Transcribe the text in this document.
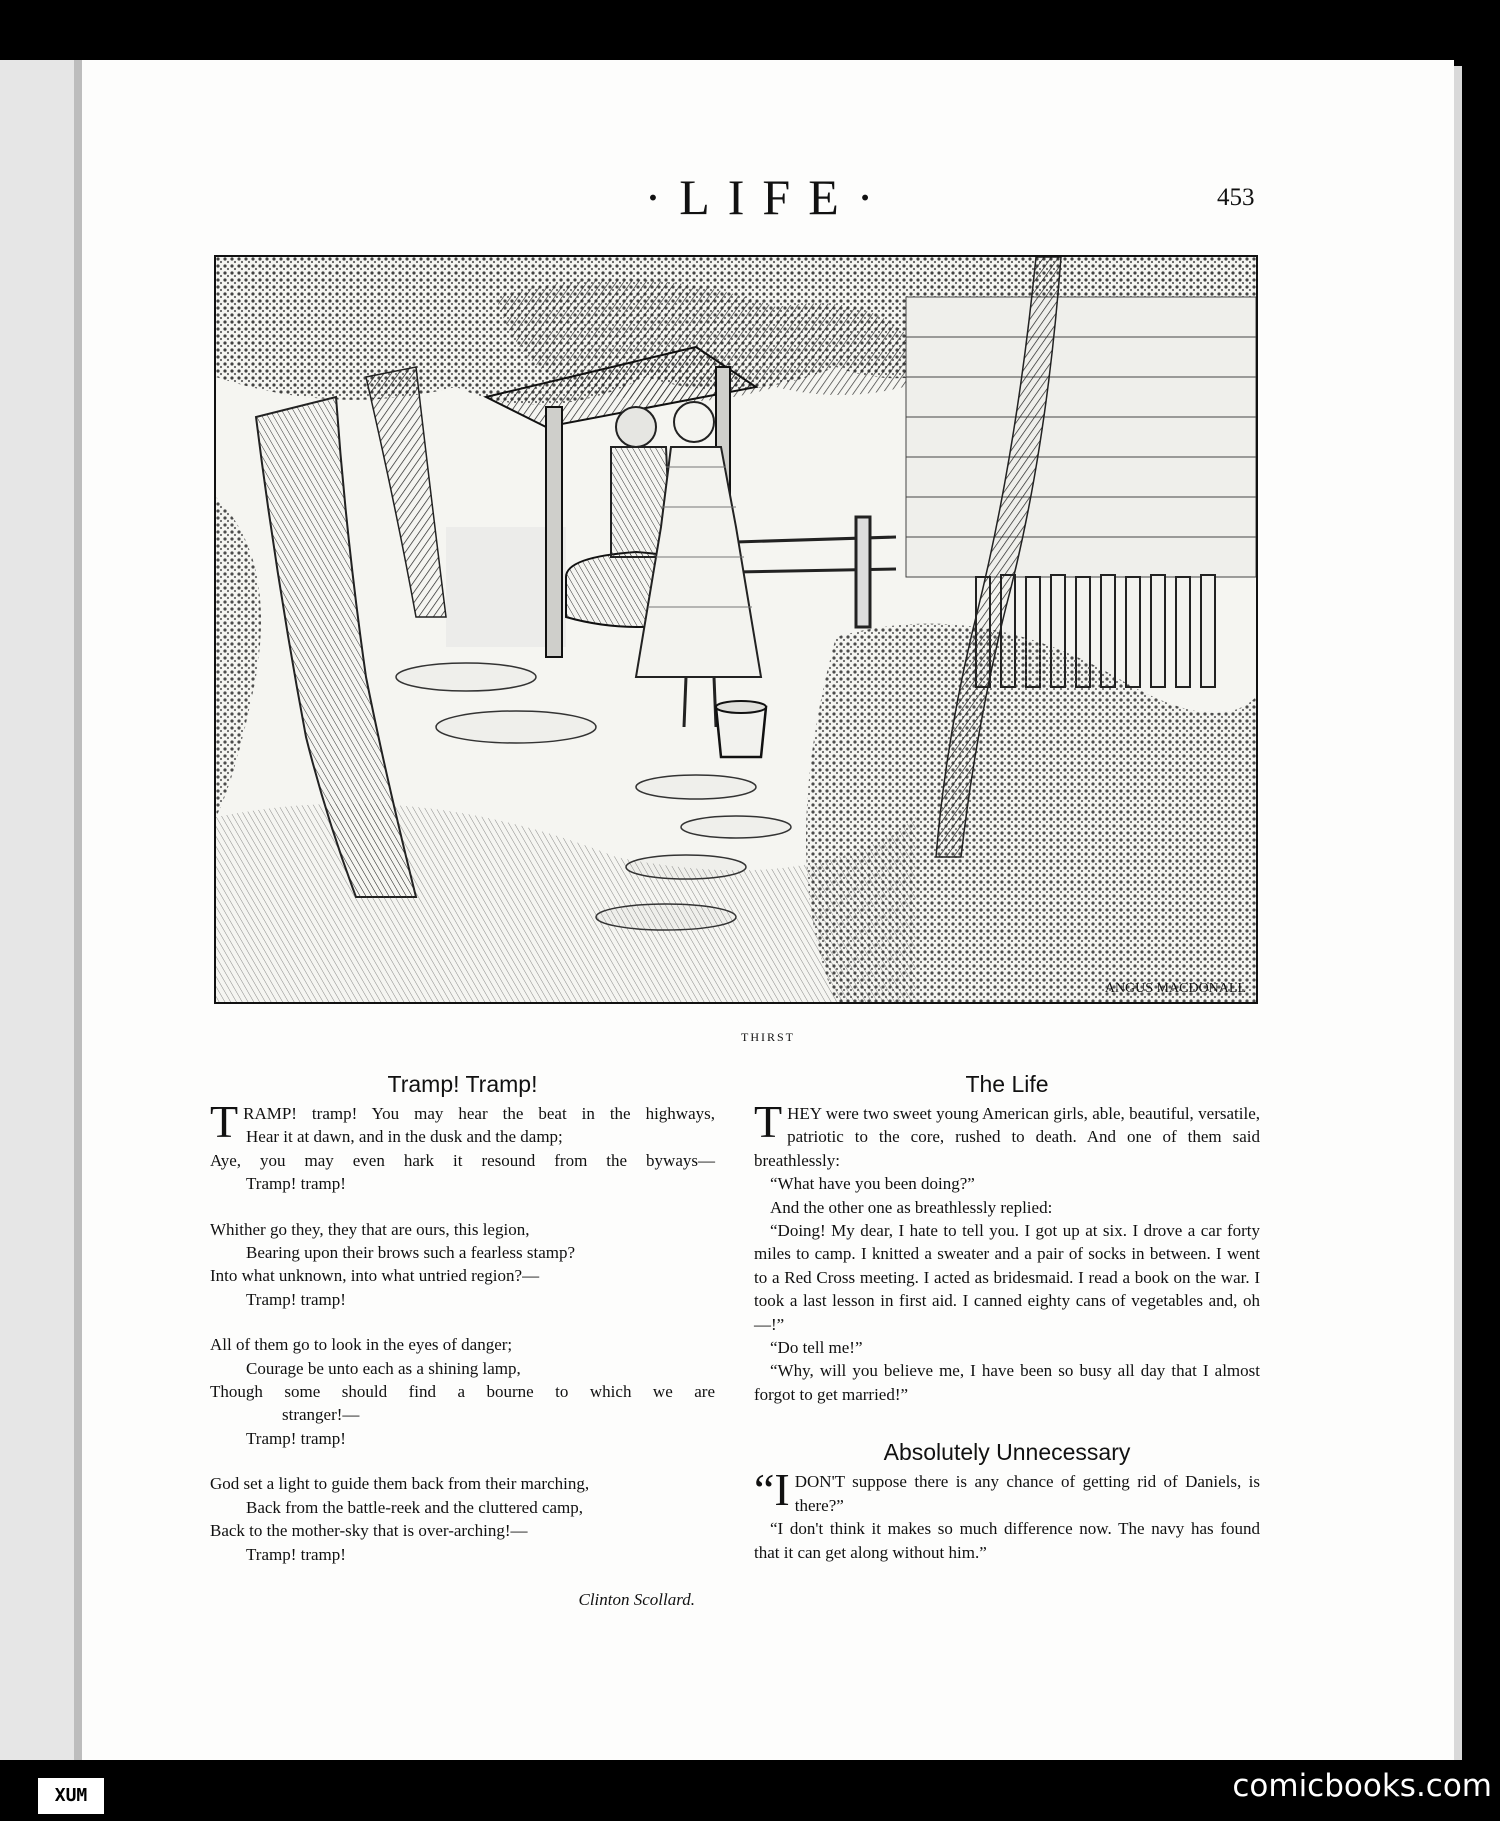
·LIFE·	453
ANGUS MACDONALL
THIRST
Tramp! Tramp!
T RAMP! tramp! You may hear the beat in the highways,
Hear it at dawn, and in the dusk and the damp;
Aye, you may even hark it resound from the byways—
Tramp! tramp!
Whither go they, they that are ours, this legion,
Bearing upon their brows such a fearless stamp?
Into what unknown, into what untried region?—
Tramp! tramp!
All of them go to look in the eyes of danger;
Courage be unto each as a shining lamp,
Though some should find a bourne to which we are
stranger!—
Tramp! tramp!
God set a light to guide them back from their marching,
Back from the battle-reek and the cluttered camp,
Back to the mother-sky that is over-arching!—
Tramp! tramp!
Clinton Scollard.
The Life

THEY were two sweet young American girls, able, beautiful, versatile, patriotic to the core, rushed to death. And one of them said breathlessly:

“What have you been doing?”

And the other one as breathlessly replied:

“Doing! My dear, I hate to tell you. I got up at six. I drove a car forty miles to camp. I knitted a sweater and a pair of socks in between. I went to a Red Cross meeting. I acted as bridesmaid. I read a book on the war. I took a last lesson in first aid. I canned eighty cans of vegetables and, oh—!”

“Do tell me!”

“Why, will you believe me, I have been so busy all day that I almost forgot to get married!”

Absolutely Unnecessary

“IDON'T suppose there is any chance of getting rid of Daniels, is there?”

“I don't think it makes so much difference now. The navy has found that it can get along without him.”

XUM	comicbooks.com
